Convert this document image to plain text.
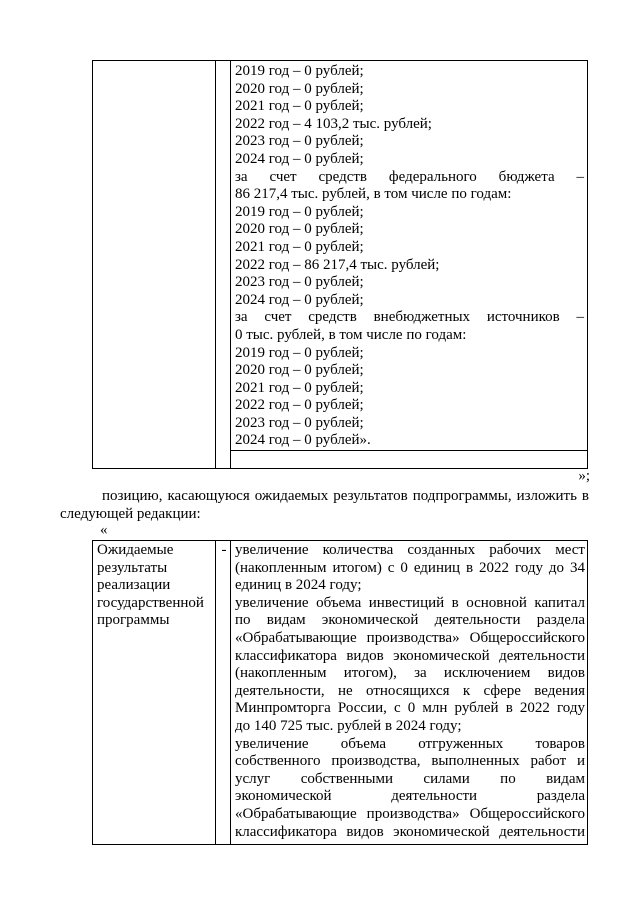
2019 год – 0 рублей;
2020 год – 0 рублей;
2021 год – 0 рублей;
2022 год – 4 103,2 тыс. рублей;
2023 год – 0 рублей;
2024 год – 0 рублей;
за счет средств федерального бюджета –
86 217,4 тыс. рублей, в том числе по годам:
2019 год – 0 рублей;
2020 год – 0 рублей;
2021 год – 0 рублей;
2022 год – 86 217,4 тыс. рублей;
2023 год – 0 рублей;
2024 год – 0 рублей;
за счет средств внебюджетных источников –
0 тыс. рублей, в том числе по годам:
2019 год – 0 рублей;
2020 год – 0 рублей;
2021 год – 0 рублей;
2022 год – 0 рублей;
2023 год – 0 рублей;
2024 год – 0 рублей».
»;
позицию, касающуюся ожидаемых результатов подпрограммы, изложить в
следующей редакции:
«
Ожидаемые
результаты
реализации
государственной
программы
- увеличение количества созданных рабочих мест
(накопленным итогом) с 0 единиц в 2022 году до 34
единиц в 2024 году;
увеличение объема инвестиций в основной капитал
по видам экономической деятельности раздела
«Обрабатывающие производства» Общероссийского
классификатора видов экономической деятельности
(накопленным итогом), за исключением видов
деятельности, не относящихся к сфере ведения
Минпромторга России, с 0 млн рублей в 2022 году
до 140 725 тыс. рублей в 2024 году;
увеличение объема отгруженных товаров
собственного производства, выполненных работ и
услуг собственными силами по видам
экономической деятельности раздела
«Обрабатывающие производства» Общероссийского
классификатора видов экономической деятельности
